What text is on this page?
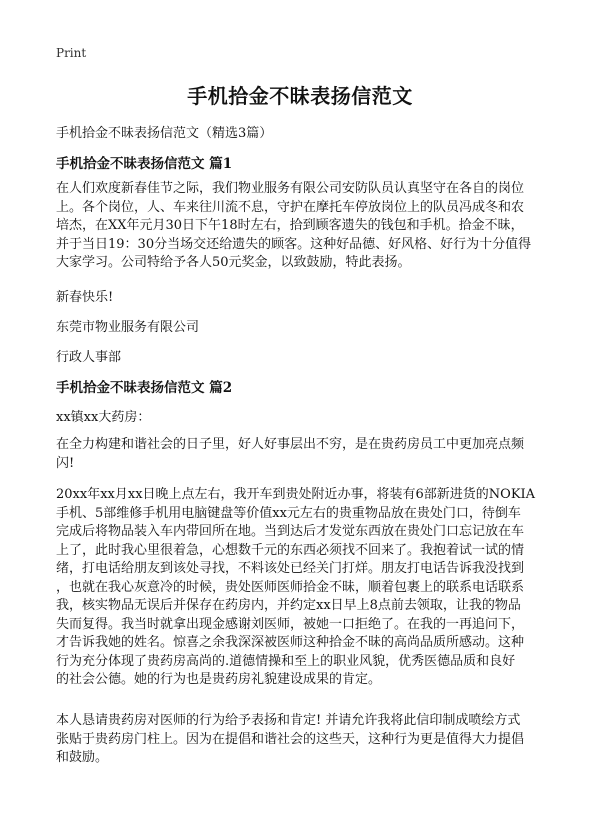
Print
手机拾金不昧表扬信范文
手机拾金不昧表扬信范文（精选3篇）
手机拾金不昧表扬信范文 篇1
在人们欢度新春佳节之际，我们物业服务有限公司安防队员认真坚守在各自的岗位
上。各个岗位，人、车来往川流不息，守护在摩托车停放岗位上的队员冯成冬和农
培杰，在XX年元月30日下午18时左右，拾到顾客遗失的钱包和手机。拾金不昧，
并于当日19：30分当场交还给遗失的顾客。这种好品德、好风格、好行为十分值得
大家学习。公司特给予各人50元奖金，以致鼓励，特此表扬。
新春快乐!
东莞市物业服务有限公司
行政人事部
手机拾金不昧表扬信范文 篇2
xx镇xx大药房：
在全力构建和谐社会的日子里，好人好事层出不穷，是在贵药房员工中更加亮点频
闪!
20xx年xx月xx日晚上点左右，我开车到贵处附近办事，将装有6部新进货的NOKIA
手机、5部维修手机用电脑键盘等价值xx元左右的贵重物品放在贵处门口，待倒车
完成后将物品装入车内带回所在地。当到达后才发觉东西放在贵处门口忘记放在车
上了，此时我心里很着急，心想数千元的东西必须找不回来了。我抱着试一试的情
绪，打电话给朋友到该处寻找，不料该处已经关门打烊。朋友打电话告诉我没找到
，也就在我心灰意冷的时候，贵处医师医师拾金不昧，顺着包裹上的联系电话联系
我，核实物品无误后并保存在药房内，并约定xx日早上8点前去领取，让我的物品
失而复得。我当时就拿出现金感谢刘医师，被她一口拒绝了。在我的一再追问下，
才告诉我她的姓名。惊喜之余我深深被医师这种拾金不昧的高尚品质所感动。这种
行为充分体现了贵药房高尚的.道德情操和至上的职业风貌，优秀医德品质和良好
的社会公德。她的行为也是贵药房礼貌建设成果的肯定。
本人恳请贵药房对医师的行为给予表扬和肯定! 并请允许我将此信印制成喷绘方式
张贴于贵药房门柱上。因为在提倡和谐社会的这些天，这种行为更是值得大力提倡
和鼓励。
